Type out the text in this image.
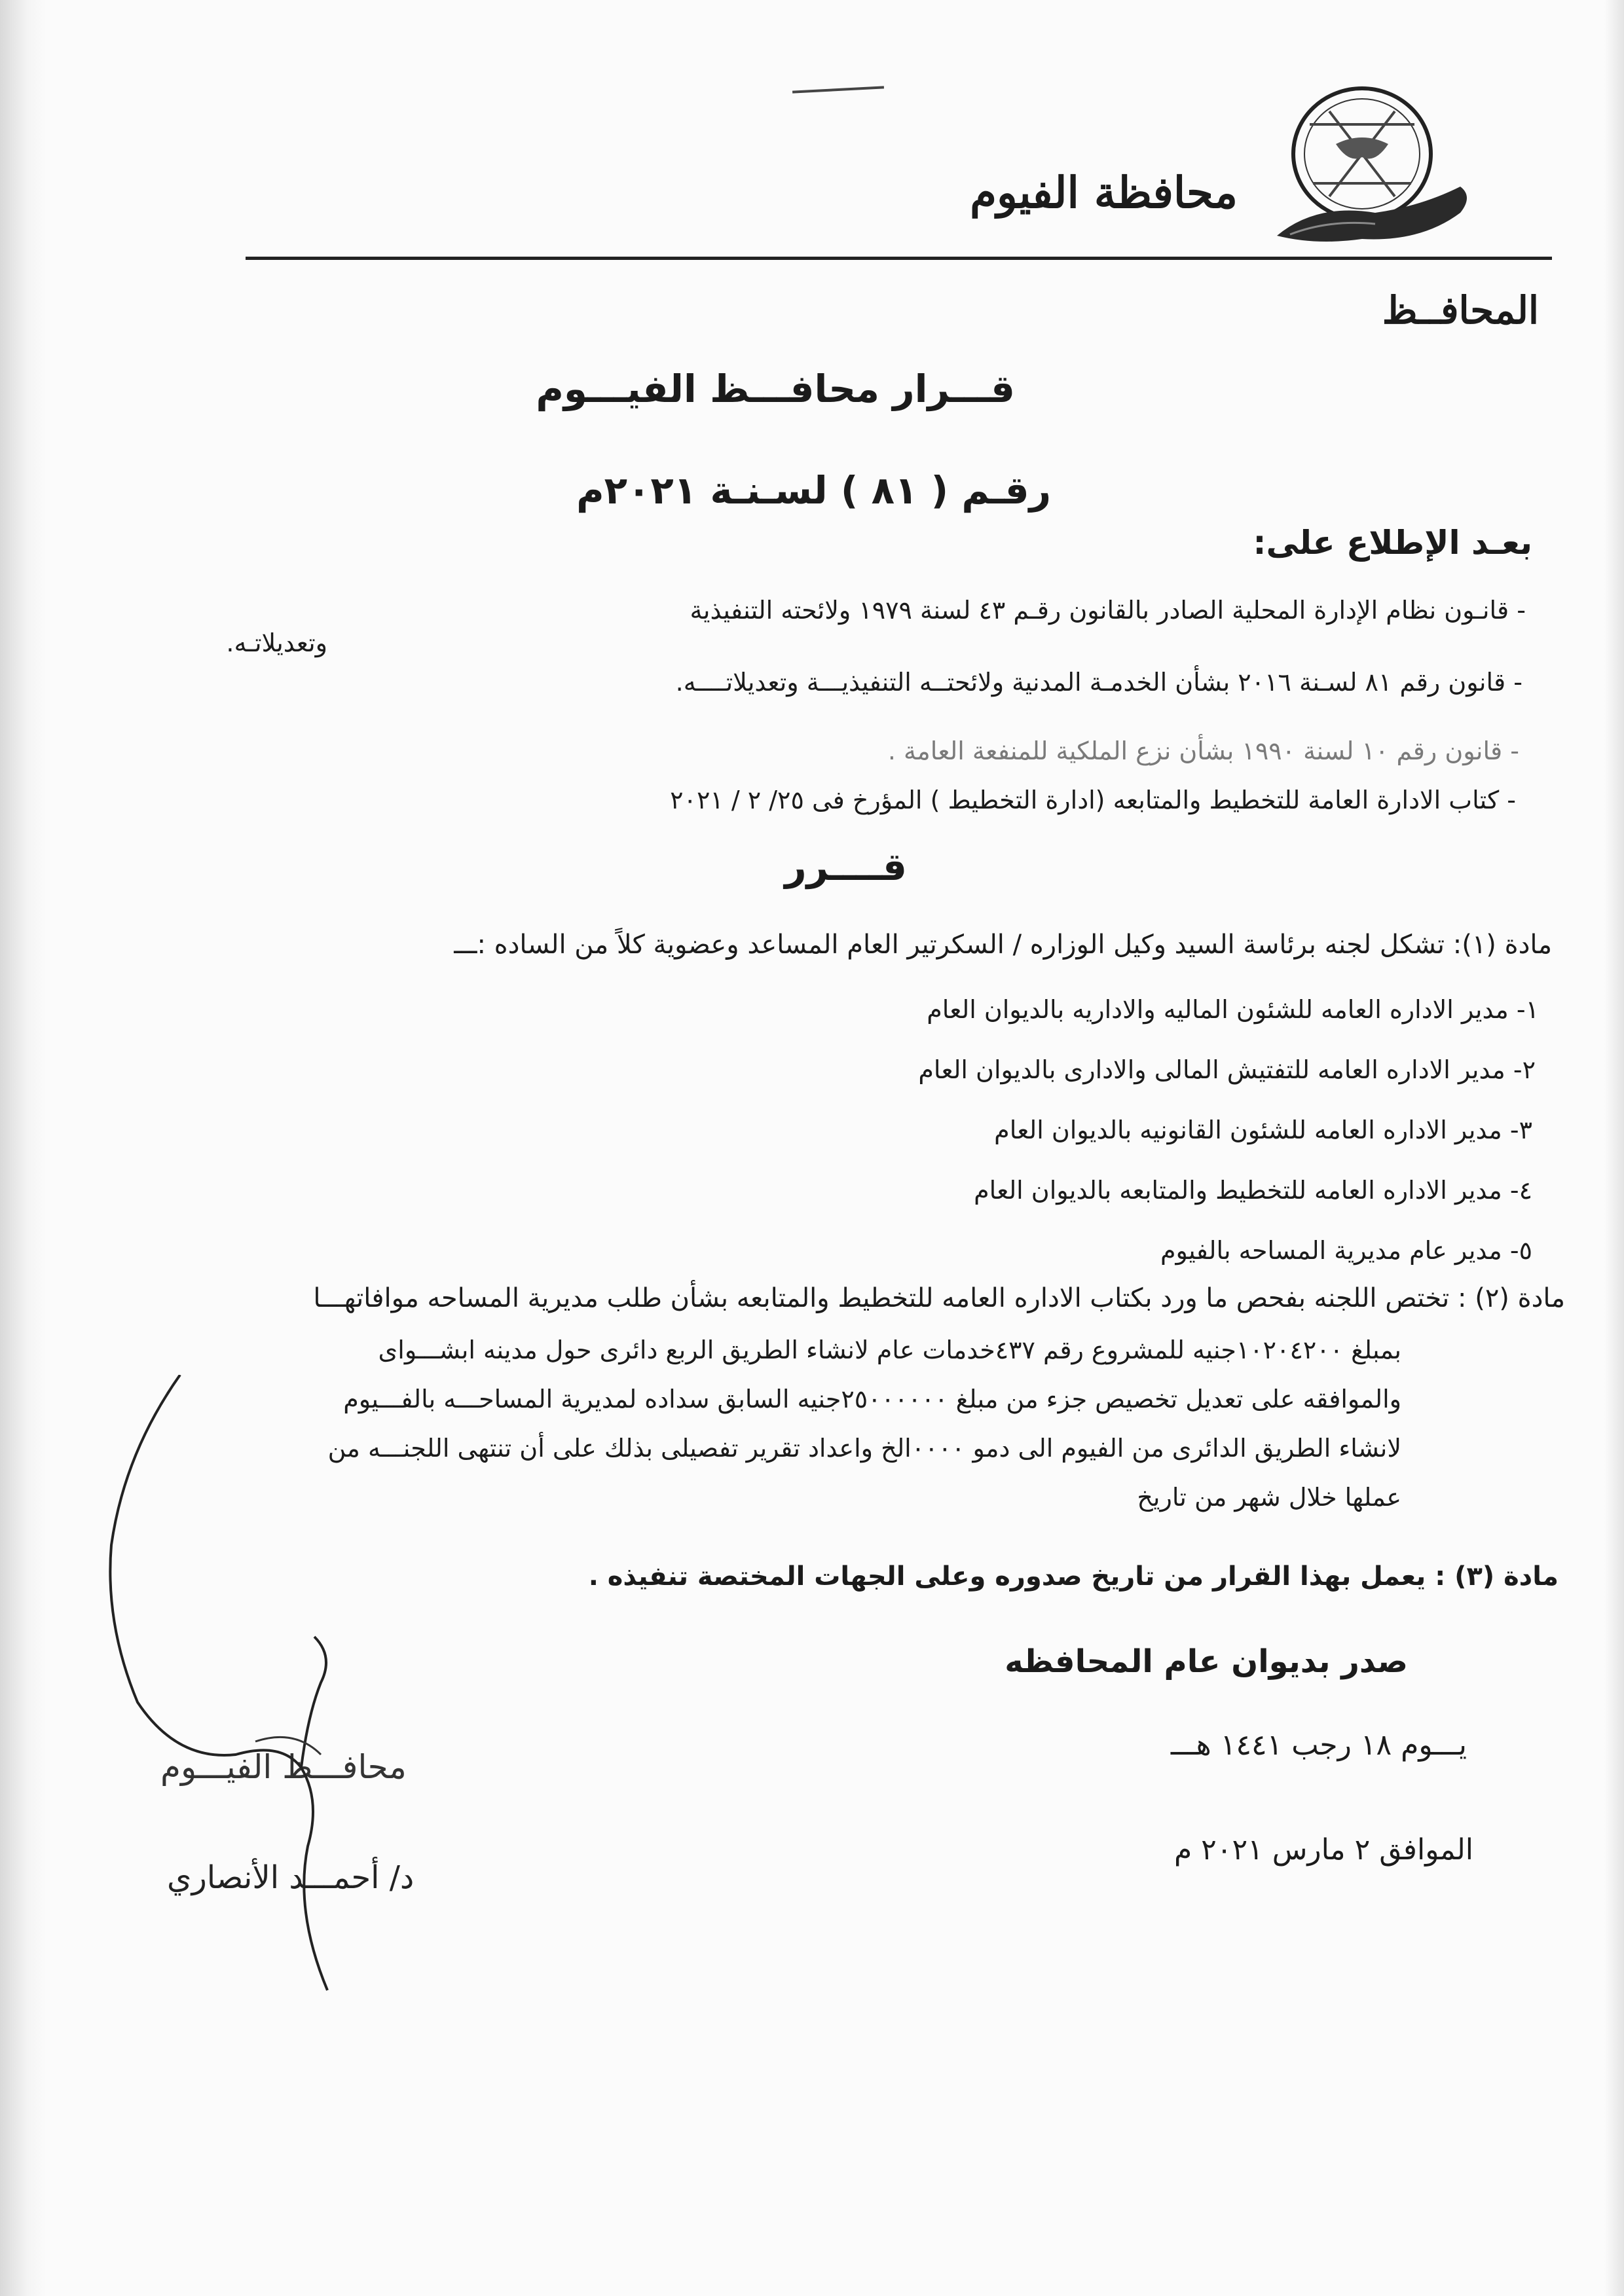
محافظة الفيوم
المحافــظ
قـــرار محافـــظ الفيـــوم
رقـم ( ٨١ ) لسـنـة ٢٠٢١م
بعـد الإطلاع على:
- قانـون نظام الإدارة المحلية الصادر بالقانون رقـم ٤٣ لسنة ١٩٧٩ ولائحته التنفيذية
وتعديلاتـه.
- قانون رقم ٨١ لسـنة ٢٠١٦ بشأن الخدمـة المدنية ولائحتــه التنفيذيـــة وتعديلاتــــه.
- قانون رقم ١٠ لسنة ١٩٩٠ بشأن نزع الملكية للمنفعة العامة .
- كتاب الادارة العامة للتخطيط والمتابعه (ادارة التخطيط ) المؤرخ فى ٢٥/ ٢ / ٢٠٢١
قــــرر
مادة (١): تشكل لجنه برئاسة السيد وكيل الوزاره / السكرتير العام المساعد وعضوية كلاً من الساده :ـــ
١- مدير الاداره العامه للشئون الماليه والاداريه بالديوان العام
٢- مدير الاداره العامه للتفتيش المالى والادارى بالديوان العام
٣- مدير الاداره العامه للشئون القانونيه بالديوان العام
٤- مدير الاداره العامه للتخطيط والمتابعه بالديوان العام
٥- مدير عام مديرية المساحه بالفيوم
مادة (٢) : تختص اللجنه بفحص ما ورد بكتاب الاداره العامه للتخطيط والمتابعه بشأن طلب مديرية المساحه موافاتهـــا
بمبلغ ١٠٢٠٤٢٠٠جنيه للمشروع رقم ٤٣٧خدمات عام لانشاء الطريق الربع دائرى حول مدينه ابشـــواى
والموافقه على تعديل تخصيص جزء من مبلغ ٢٥٠٠٠٠٠٠جنيه السابق سداده لمديرية المساحـــه بالفـــيوم
لانشاء الطريق الدائرى من الفيوم الى دمو ٠٠٠٠الخ واعداد تقرير تفصيلى بذلك على أن تنتهى اللجنـــه من
عملها خلال شهر من تاريخ
مادة (٣) : يعمل بهذا القرار من تاريخ صدوره وعلى الجهات المختصة تنفيذه .
صدر بديوان عام المحافظه
يـــوم ١٨ رجب ١٤٤١ هـــ
الموافق ٢ مارس ٢٠٢١ م
محافـــظ الفيـــوم
د/ أحمـــد الأنصاري
